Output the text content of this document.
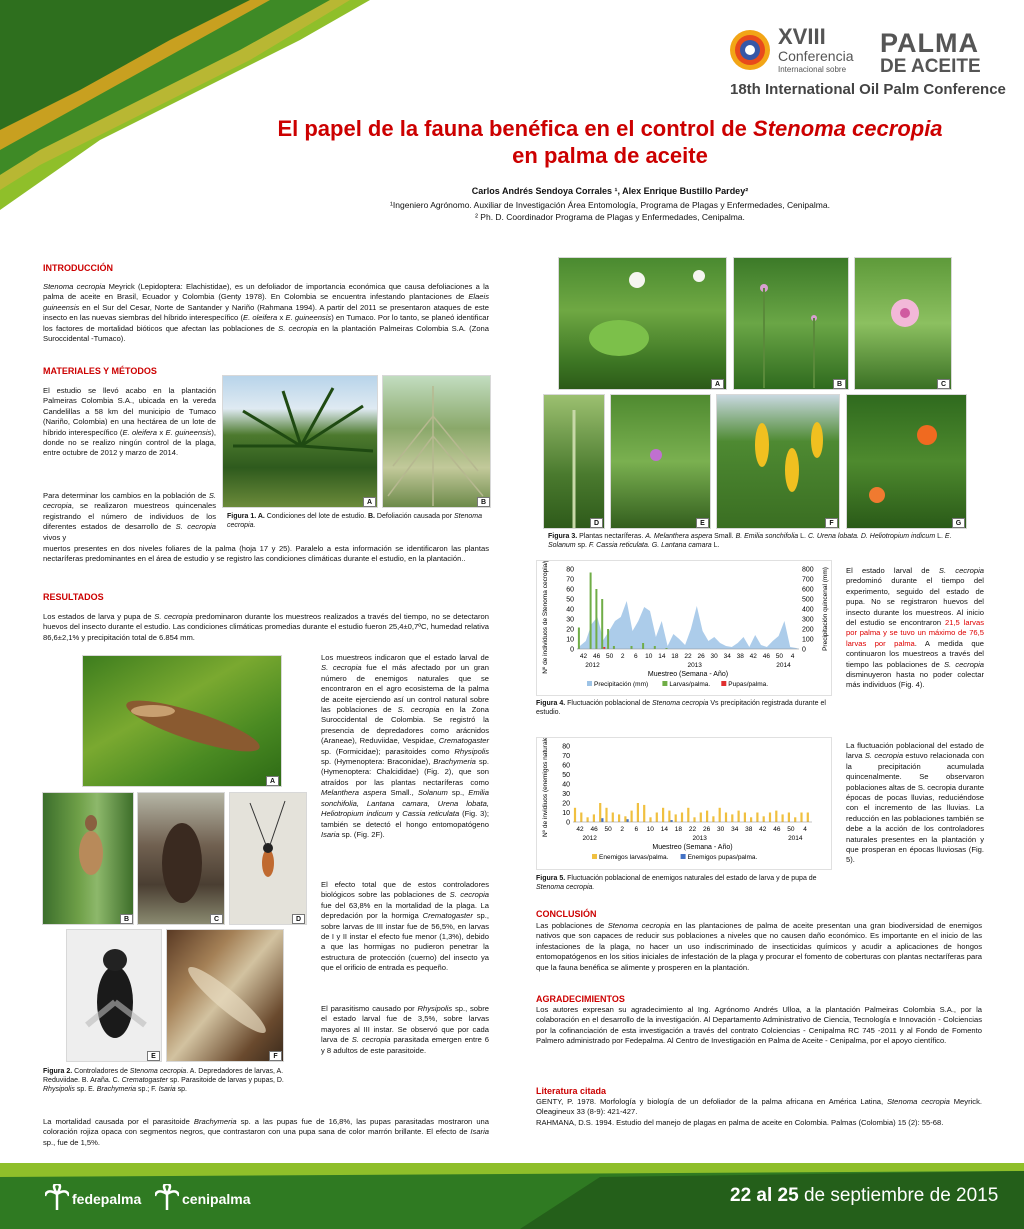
XVIII
Conferencia
Internacional sobre
PALMA
DE ACEITE
18th International Oil Palm Conference
El papel de la fauna benéfica en el control de Stenoma cecropia
en palma de aceite
Carlos Andrés Sendoya Corrales ¹, Alex Enrique Bustillo Pardey²
¹Ingeniero Agrónomo. Auxiliar de Investigación Área Entomología, Programa de Plagas y Enfermedades, Cenipalma.
² Ph. D. Coordinador Programa de Plagas y Enfermedades, Cenipalma.
INTRODUCCIÓN
Stenoma cecropia Meyrick (Lepidoptera: Elachistidae), es un defoliador de importancia económica que causa defoliaciones a la palma de aceite en Brasil, Ecuador y Colombia (Genty 1978). En Colombia se encuentra infestando plantaciones de Elaeis guineensis en el Sur del Cesar, Norte de Santander y Nariño (Rahmana 1994). A partir del 2011 se presentaron ataques de este insecto en las nuevas siembras del híbrido interespecífico (E. oleifera x E. guineensis) en Tumaco. Por lo tanto, se planeó identificar los factores de mortalidad bióticos que afectan las poblaciones de S. cecropia en la plantación Palmeiras Colombia S.A. (Zona Suroccidental -Tumaco).
MATERIALES Y MÉTODOS
El estudio se llevó acabo en la plantación Palmeiras Colombia S.A., ubicada en la vereda Candelillas a 58 km del municipio de Tumaco (Nariño, Colombia) en una hectárea de un lote de híbrido interespecífico (E. oleifera x E. guineensis), donde no se realizo ningún control de la plaga, entre octubre de 2012 y marzo de 2014.
Para determinar los cambios en la población de S. cecropia, se realizaron muestreos quincenales registrando el número de individuos de los diferentes estados de desarrollo de S. cecropia vivos y
muertos presentes en dos niveles foliares de la palma (hoja 17 y 25). Paralelo a esta información se identificaron las plantas nectaríferas predominantes en el área de estudio y se registro las condiciones climáticas durante el estudio, en la plantación..
A	B
Figura 1. A. Condiciones del lote de estudio. B. Defoliación causada por Stenoma cecropia.
RESULTADOS
Los estados de larva y pupa de S. cecropia predominaron durante los muestreos realizados a través del tiempo, no se detectaron huevos del insecto durante el estudio. Las condiciones climáticas promedias durante el estudio fueron 25,4±0,7ºC, humedad relativa 86,6±2,1% y precipitación total de 6.854 mm.
A
B	C	D
E	F
Figura 2. Controladores de Stenoma cecropia. A. Depredadores de larvas, A. Reduviidae. B. Araña. C. Crematogaster sp. Parasitoide de larvas y pupas, D. Rhysipolis sp. E. Brachymeria sp.; F. Isaria sp.
Los muestreos indicaron que el estado larval de S. cecropia fue el más afectado por un gran número de enemigos naturales que se encontraron en el agro ecosistema de la palma de aceite ejerciendo así un control natural sobre las poblaciones de S. cecropia en la Zona Suroccidental de Colombia. Se registró la presencia de depredadores como arácnidos (Araneae), Reduviidae, Vespidae, Crematogaster sp. (Formicidae); parasitoides como Rhysipolis sp. (Hymenoptera: Braconidae), Brachymeria sp. (Hymenoptera: Chalcididae) (Fig. 2), que son atraídos por las plantas nectaríferas como Melanthera aspera Small., Solanum sp., Emilia sonchifolia, Lantana camara, Urena lobata, Heliotropium indicum y Cassia reticulata (Fig. 3); también se detectó el hongo entomopatógeno Isaria sp. (Fig. 2F).
El efecto total que de estos controladores biológicos sobre las poblaciones de S. cecropia fue del 63,8% en la mortalidad de la plaga. La depredación por la hormiga Crematogaster sp., sobre larvas de III instar fue de 56,5%, en larvas de I y II instar el efecto fue menor (1,3%), debido a que las hormigas no pudieron penetrar la estructura de protección (cuerno) del insecto ya que el orificio de entrada es pequeño.
El parasitismo causado por Rhysipolis sp., sobre el estado larval fue de 3,5%, sobre larvas mayores al III instar. Se observó que por cada larva de S. cecropia parasitada emergen entre 6 y 8 adultos de este parasitoide.
La mortalidad causada por el parasitoide Brachymeria sp. a las pupas fue de 16,8%, las pupas parasitadas mostraron una coloración rojiza opaca con segmentos negros, que contrastaron con una pupa sana de color marrón brillante. El efecto de Isaria sp., fue de 1,5%.
A	B	C
D	E	F	G
Figura 3. Plantas nectaríferas. A. Melanthera aspera Small. B. Emilia sonchifolia L. C. Urena lobata. D. Heliotropium indicum L. E. Solanum sp. F. Cassia reticulata. G. Lantana camara L.
0
10
20
30
40
50
60
70
80
0
100
200
300
400
500
600
700
800
42 46 50 2 6 10 14 18 22 26 30 34 38 42 46 50 4
2012	2013	2014
Muestreo (Semana - Año)
Nº de individuos de Stenoma cecropia/palma	Precipitación quincenal (mm)
Precipitación (mm)	Larvas/palma.	Pupas/palma.
Figura 4. Fluctuación poblacional de Stenoma cecropia Vs precipitación registrada durante el estudio.
0
10
20
30
40
50
60
70
80
42 46 50 2 6 10 14 18 22 26 30 34 38 42 46 50 4
2012	2013	2014
Muestreo (Semana - Año)
Nº de invidiuos (enemigos naturales)
Enemigos larvas/palma.	Enemigos pupas/palma.
Figura 5. Fluctuación poblacional de enemigos naturales del estado de larva y de pupa de Stenoma cecropia.
El estado larval de S. cecropia predominó durante el tiempo del experimento, seguido del estado de pupa. No se registraron huevos del insecto durante los muestreos. Al inicio del estudio se encontraron 21,5 larvas por palma y se tuvo un máximo de 76,5 larvas por palma. A medida que continuaron los muestreos a través del tiempo las poblaciones de S. cecropia disminuyeron hasta no poder colectar más individuos (Fig. 4).
La fluctuación poblacional del estado de larva S. cecropia estuvo relacionada con la precipitación acumulada quincenalmente. Se observaron poblaciones altas de S. cecropia durante épocas de pocas lluvias, reduciéndose con el incremento de las lluvias. La reducción en las poblaciones también se debe a la acción de los controladores naturales presentes en la plantación y que prosperan en épocas lluviosas (Fig. 5).
CONCLUSIÓN
Las poblaciones de Stenoma cecropia en las plantaciones de palma de aceite presentan una gran biodiversidad de enemigos nativos que son capaces de reducir sus poblaciones a niveles que no causen daño económico. Es importante en el inicio de las infestaciones de la plaga, no hacer un uso indiscriminado de insecticidas químicos y acudir a aplicaciones de hongos entomopatógenos en los sitios iniciales de infestación de la plaga y procurar el fomento de coberturas con plantas nectaríferas para que la fauna benéfica se alimente y prosperen en la plantación.
AGRADECIMIENTOS
Los autores expresan su agradecimiento al Ing. Agrónomo Andrés Ulloa, a la plantación Palmeiras Colombia S.A., por la colaboración en el desarrollo de la investigación. Al Departamento Administrativo de Ciencia, Tecnología e Innovación - Colciencias por la cofinanciación de esta investigación a través del contrato Colciencias - Cenipalma RC 745 -2011 y al Fondo de Fomento Palmero administrado por Fedepalma. Al Centro de Investigación en Palma de Aceite - Cenipalma, por el apoyo científico.
Literatura citada
GENTY, P. 1978. Morfología y biología de un defoliador de la palma africana en América Latina, Stenoma cecropia Meyrick. Oleagineux 33 (8-9): 421-427.
RAHMANA, D.S. 1994. Estudio del manejo de plagas en palma de aceite en Colombia. Palmas (Colombia) 15 (2): 55-68.
fedepalma	cenipalma	22 al 25 de septiembre de 2015
